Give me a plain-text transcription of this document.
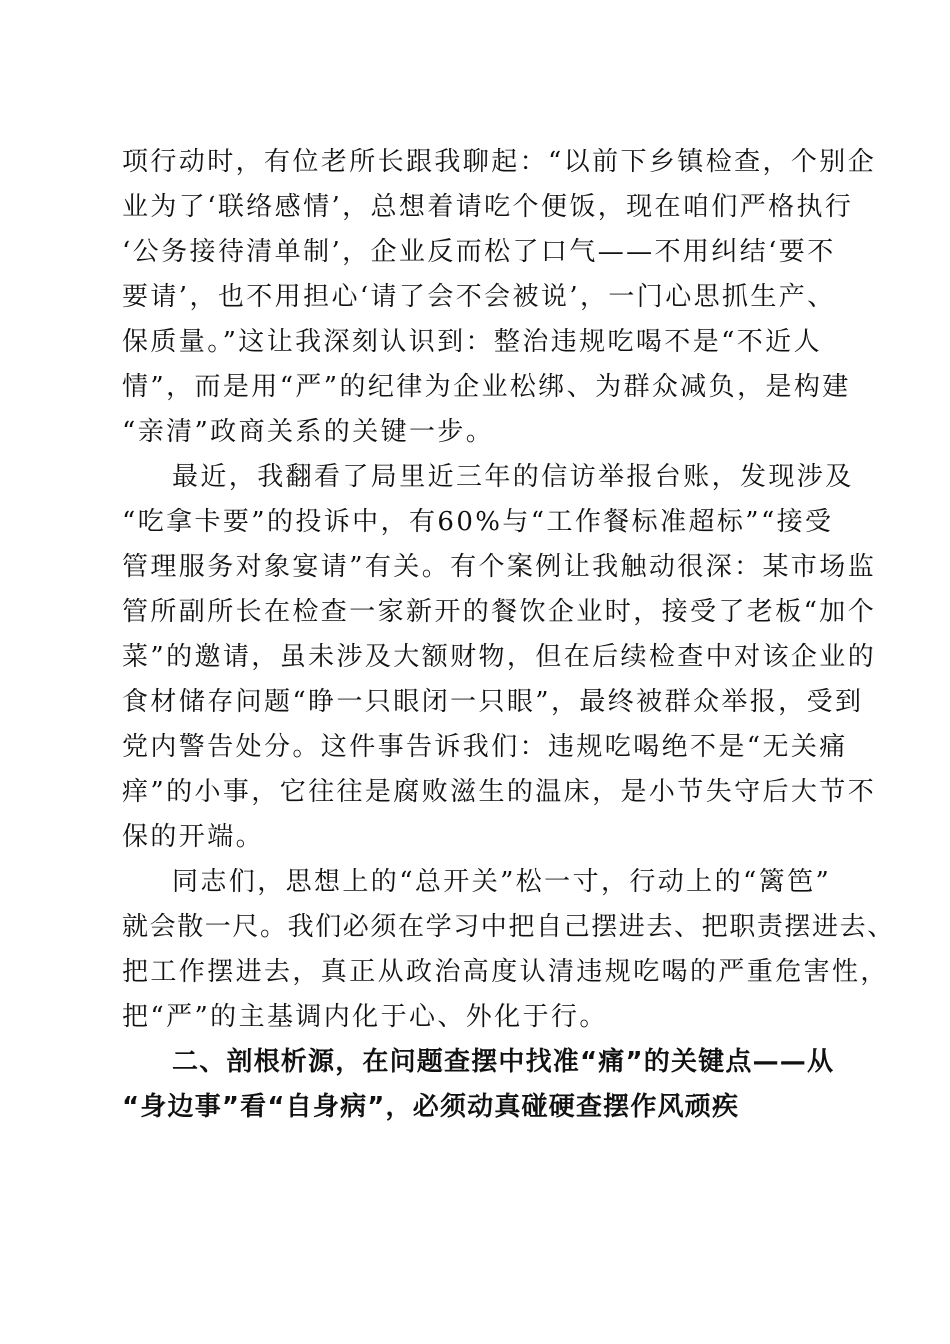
项行动时，有位老所长跟我聊起：“以前下乡镇检查，个别企
业为了‘联络感情’，总想着请吃个便饭，现在咱们严格执行
‘公务接待清单制’，企业反而松了口气——不用纠结‘要不
要请’，也不用担心‘请了会不会被说’，一门心思抓生产、
保质量。”这让我深刻认识到：整治违规吃喝不是“不近人
情”，而是用“严”的纪律为企业松绑、为群众减负，是构建
“亲清”政商关系的关键一步。
最近，我翻看了局里近三年的信访举报台账，发现涉及
“吃拿卡要”的投诉中，有60%与“工作餐标准超标”“接受
管理服务对象宴请”有关。有个案例让我触动很深：某市场监
管所副所长在检查一家新开的餐饮企业时，接受了老板“加个
菜”的邀请，虽未涉及大额财物，但在后续检查中对该企业的
食材储存问题“睁一只眼闭一只眼”，最终被群众举报，受到
党内警告处分。这件事告诉我们：违规吃喝绝不是“无关痛
痒”的小事，它往往是腐败滋生的温床，是小节失守后大节不
保的开端。
同志们，思想上的“总开关”松一寸，行动上的“篱笆”
就会散一尺。我们必须在学习中把自己摆进去、把职责摆进去、
把工作摆进去，真正从政治高度认清违规吃喝的严重危害性，
把“严”的主基调内化于心、外化于行。
二、剖根析源，在问题查摆中找准“痛”的关键点——从
“身边事”看“自身病”，必须动真碰硬查摆作风顽疾
